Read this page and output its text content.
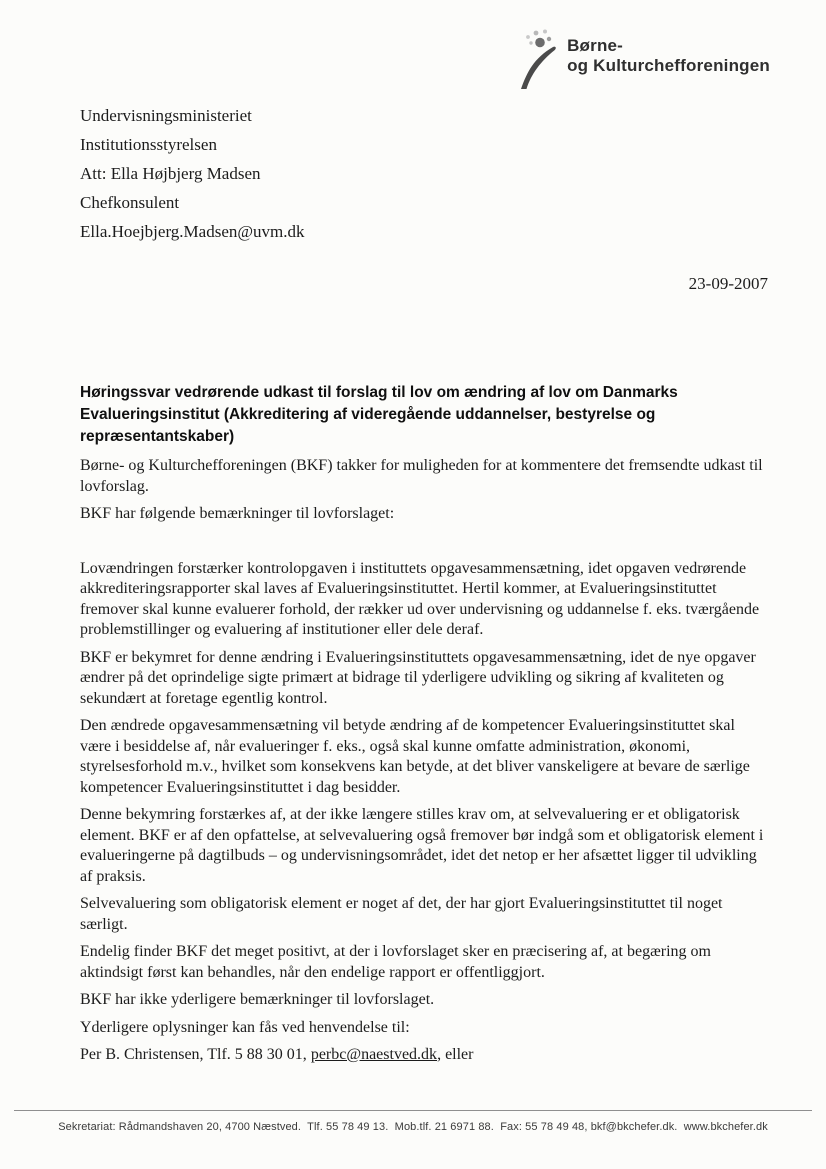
Børne-
og Kulturchefforeningen
Undervisningsministeriet
Institutionsstyrelsen
Att: Ella Højbjerg Madsen
Chefkonsulent
Ella.Hoejbjerg.Madsen@uvm.dk
23-09-2007
Høringssvar vedrørende udkast til forslag til lov om ændring af lov om Danmarks Evalueringsinstitut (Akkreditering af videregående uddannelser, bestyrelse og repræsentantskaber)

Børne- og Kulturchefforeningen (BKF) takker for muligheden for at kommentere det fremsendte udkast til lovforslag.

BKF har følgende bemærkninger til lovforslaget:

Lovændringen forstærker kontrolopgaven i instituttets opgavesammensætning, idet opgaven vedrørende akkrediteringsrapporter skal laves af Evalueringsinstituttet. Hertil kommer, at Evalueringsinstituttet fremover skal kunne evaluerer forhold, der rækker ud over undervisning og uddannelse f. eks. tværgående problemstillinger og evaluering af institutioner eller dele deraf.

BKF er bekymret for denne ændring i Evalueringsinstituttets opgavesammensætning, idet de nye opgaver ændrer på det oprindelige sigte primært at bidrage til yderligere udvikling og sikring af kvaliteten og sekundært at foretage egentlig kontrol.

Den ændrede opgavesammensætning vil betyde ændring af de kompetencer Evalueringsinstituttet skal være i besiddelse af, når evalueringer f. eks., også skal kunne omfatte administration, økonomi, styrelsesforhold m.v., hvilket som konsekvens kan betyde, at det bliver vanskeligere at bevare de særlige kompetencer Evalueringsinstituttet i dag besidder.

Denne bekymring forstærkes af, at der ikke længere stilles krav om, at selvevaluering er et obligatorisk element. BKF er af den opfattelse, at selvevaluering også fremover bør indgå som et obligatorisk element i evalueringerne på dagtilbuds – og undervisningsområdet, idet det netop er her afsættet ligger til udvikling af praksis.

Selvevaluering som obligatorisk element er noget af det, der har gjort Evalueringsinstituttet til noget særligt.

Endelig finder BKF det meget positivt, at der i lovforslaget sker en præcisering af, at begæring om aktindsigt først kan behandles, når den endelige rapport er offentliggjort.

BKF har ikke yderligere bemærkninger til lovforslaget.

Yderligere oplysninger kan fås ved henvendelse til:

Per B. Christensen, Tlf. 5 88 30 01, perbc@naestved.dk, eller
Sekretariat: Rådmandshaven 20, 4700 Næstved.  Tlf. 55 78 49 13.  Mob.tlf. 21 6971 88.  Fax: 55 78 49 48, bkf@bkchefer.dk.  www.bkchefer.dk
